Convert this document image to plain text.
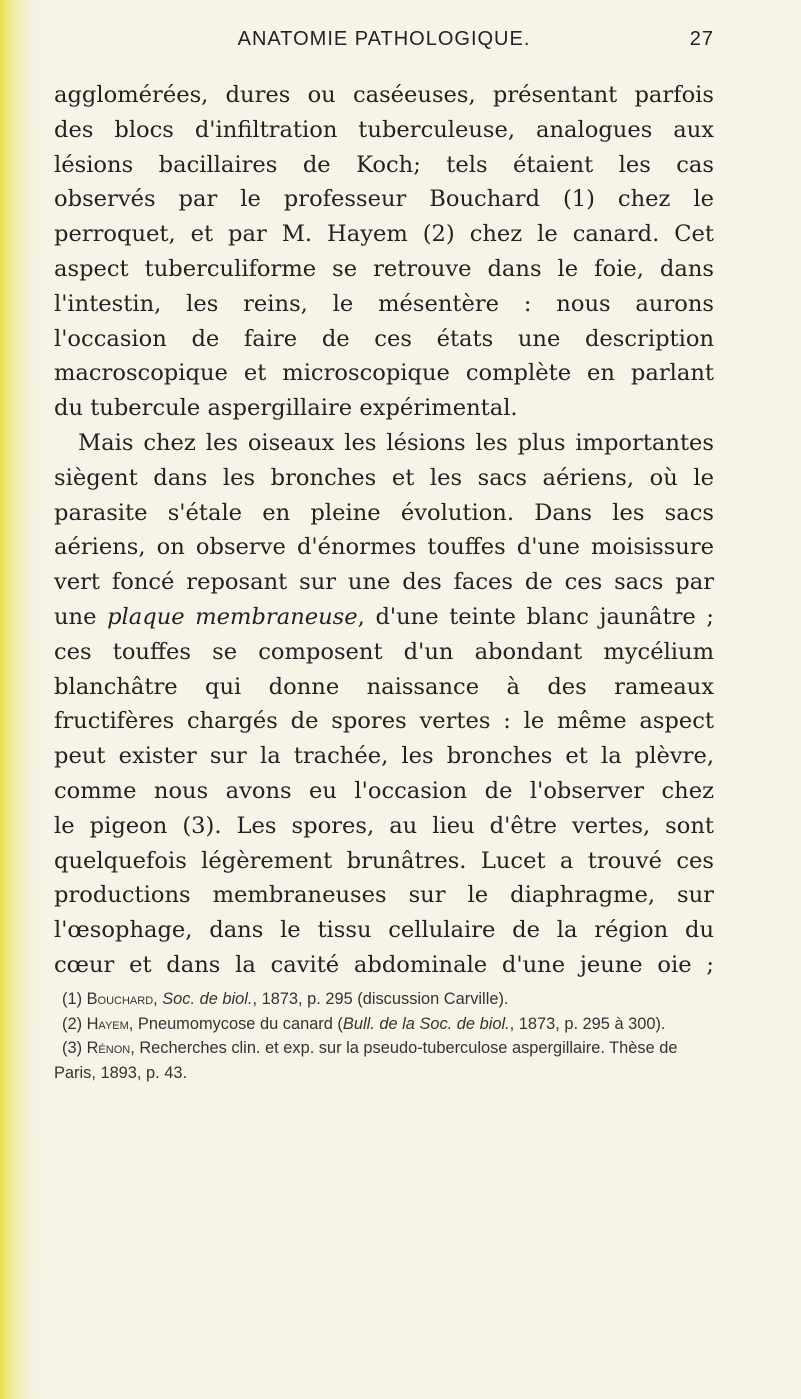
ANATOMIE PATHOLOGIQUE.	27

agglomérées, dures ou caséeuses, présentant parfois

des blocs d'infiltration tuberculeuse, analogues aux

lésions bacillaires de Koch; tels étaient les cas

observés par le professeur Bouchard (1) chez le

perroquet, et par M. Hayem (2) chez le canard. Cet

aspect tuberculiforme se retrouve dans le foie, dans

l'intestin, les reins, le mésentère : nous aurons

l'occasion de faire de ces états une description

macroscopique et microscopique complète en parlant

du tubercule aspergillaire expérimental.

Mais chez les oiseaux les lésions les plus importantes

siègent dans les bronches et les sacs aériens, où le

parasite s'étale en pleine évolution. Dans les sacs

aériens, on observe d'énormes touffes d'une moisissure

vert foncé reposant sur une des faces de ces sacs par

une plaque membraneuse, d'une teinte blanc jaunâtre ;

ces touffes se composent d'un abondant mycélium

blanchâtre qui donne naissance à des rameaux

fructifères chargés de spores vertes : le même aspect

peut exister sur la trachée, les bronches et la plèvre,

comme nous avons eu l'occasion de l'observer chez

le pigeon (3). Les spores, au lieu d'être vertes, sont

quelquefois légèrement brunâtres. Lucet a trouvé ces

productions membraneuses sur le diaphragme, sur

l'œsophage, dans le tissu cellulaire de la région du

cœur et dans la cavité abdominale d'une jeune oie ;

(1) Bouchard, Soc. de biol., 1873, p. 295 (discussion Carville).

(2) Hayem, Pneumomycose du canard (Bull. de la Soc. de biol., 1873, p. 295 à 300).

(3) Rénon, Recherches clin. et exp. sur la pseudo-tuberculose aspergillaire. Thèse de Paris, 1893, p. 43.
